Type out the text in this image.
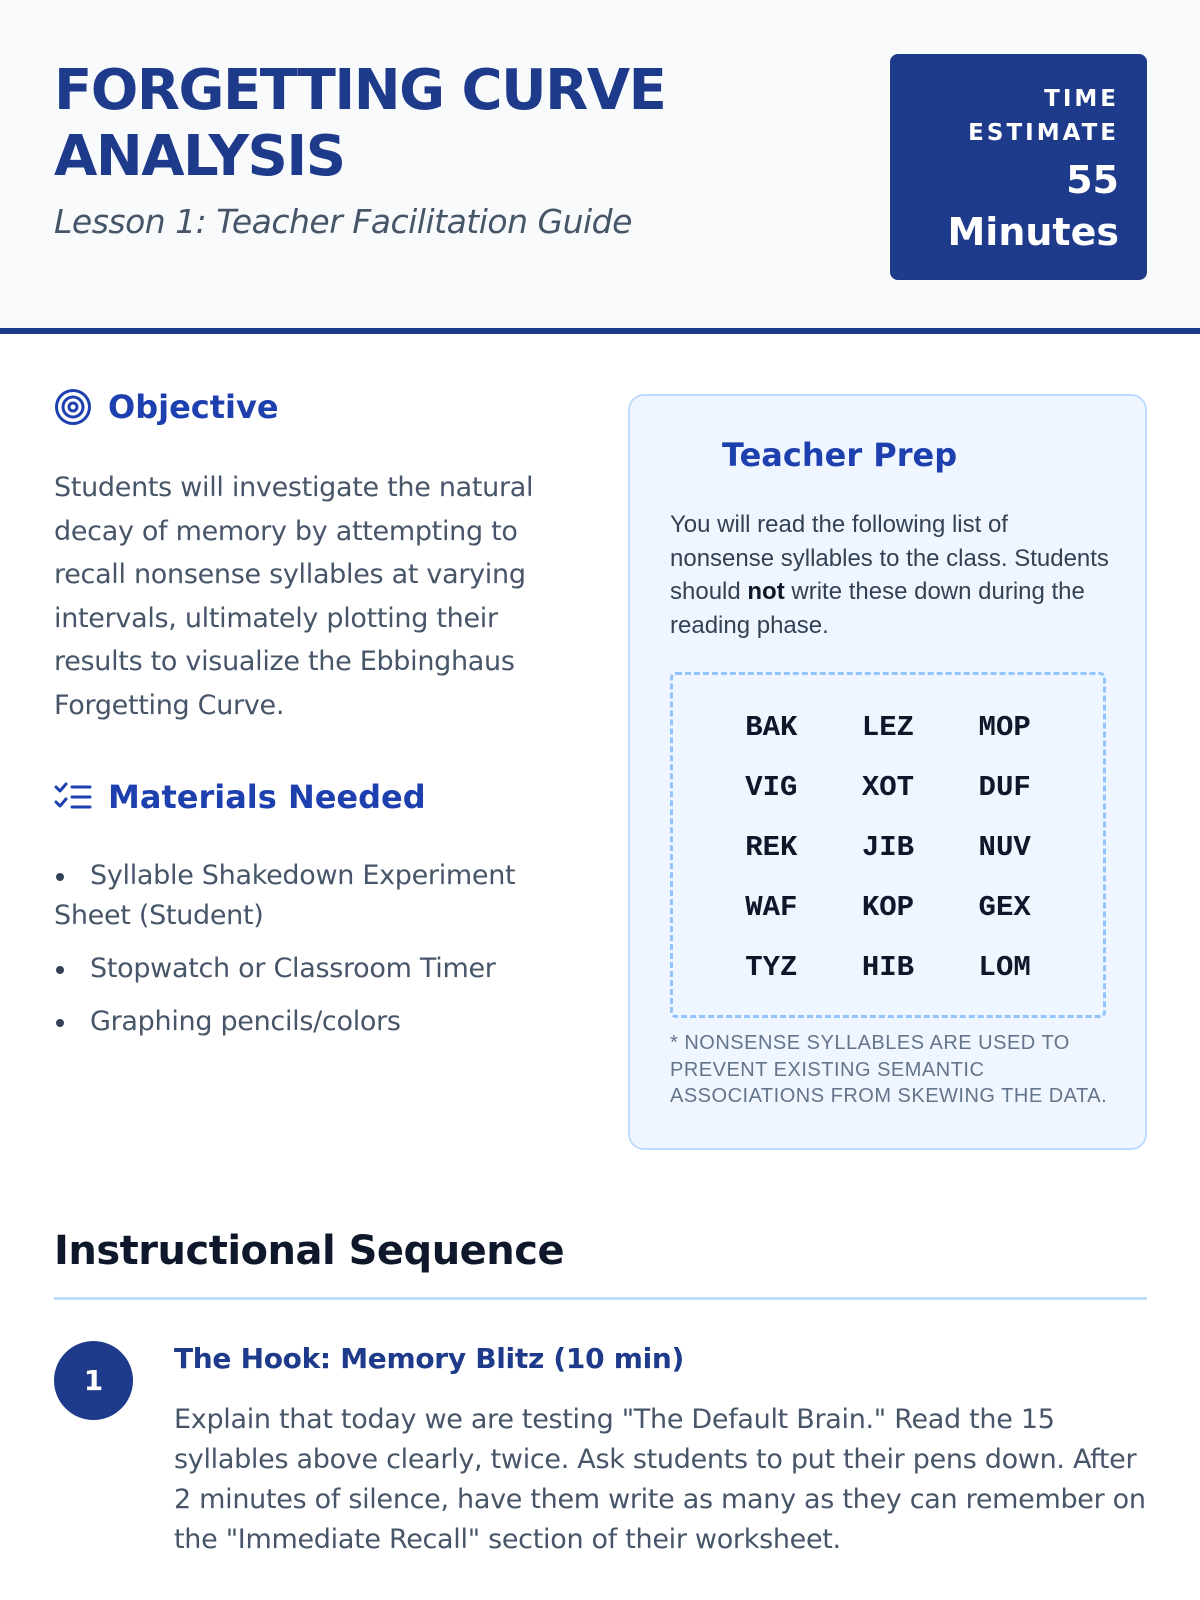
FORGETTING CURVE ANALYSIS
Lesson 1: Teacher Facilitation Guide
TIME ESTIMATE
55 Minutes
Objective
Students will investigate the natural decay of memory by attempting to recall nonsense syllables at varying intervals, ultimately plotting their results to visualize the Ebbinghaus Forgetting Curve.
Materials Needed
Syllable Shakedown Experiment Sheet (Student)
Stopwatch or Classroom Timer
Graphing pencils/colors
Teacher Prep
You will read the following list of nonsense syllables to the class. Students should not write these down during the reading phase.
BAK	LEZ	MOP
VIG	XOT	DUF
REK	JIB	NUV
WAF	KOP	GEX
TYZ	HIB	LOM
* NONSENSE SYLLABLES ARE USED TO PREVENT EXISTING SEMANTIC ASSOCIATIONS FROM SKEWING THE DATA.
Instructional Sequence
1
The Hook: Memory Blitz (10 min)
Explain that today we are testing "The Default Brain." Read the 15 syllables above clearly, twice. Ask students to put their pens down. After 2 minutes of silence, have them write as many as they can remember on the "Immediate Recall" section of their worksheet.
